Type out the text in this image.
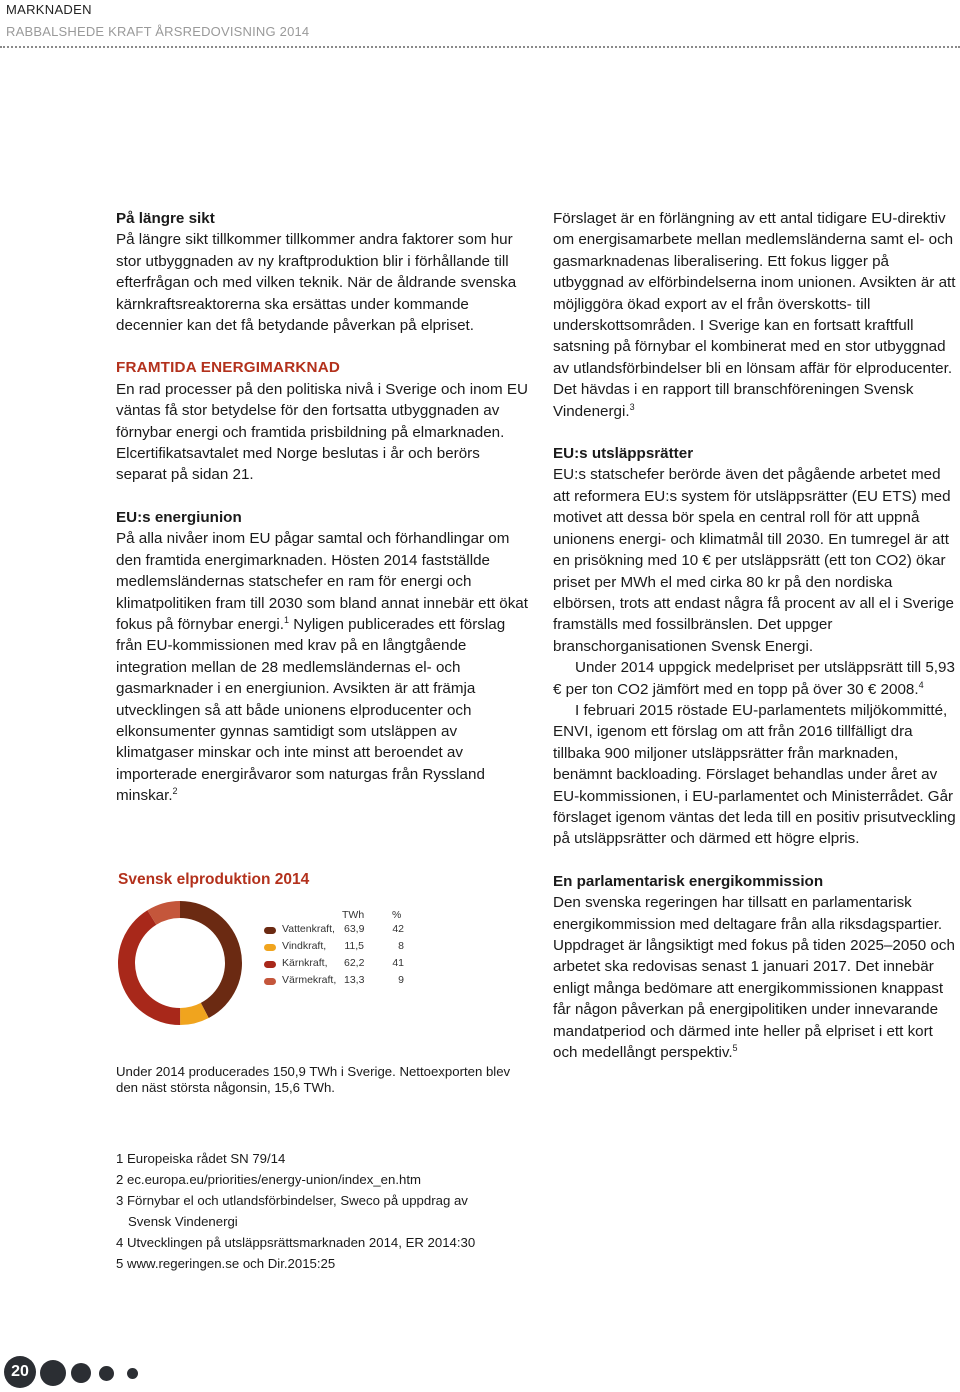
MARKNADEN
RABBALSHEDE KRAFT ÅRSREDOVISNING 2014

På längre sikt

På längre sikt tillkommer tillkommer andra faktorer som hur stor utbyggnaden av ny kraftproduktion blir i förhållande till efterfrågan och med vilken teknik. När de åldrande svenska kärnkraftsreaktorerna ska ersättas under kommande decennier kan det få betydande påverkan på elpriset.

FRAMTIDA ENERGIMARKNAD

En rad processer på den politiska nivå i Sverige och inom EU väntas få stor betydelse för den fortsatta utbyggnaden av förnybar energi och framtida prisbildning på elmarknaden. Elcertifikatsavtalet med Norge beslutas i år och berörs separat på sidan 21.

EU:s energiunion

På alla nivåer inom EU pågar samtal och förhandlingar om den framtida energimarknaden. Hösten 2014 fastställde medlemsländernas statschefer en ram för energi och klimatpolitiken fram till 2030 som bland annat innebär ett ökat fokus på förnybar energi.$^1$ Nyligen publicerades ett förslag från EU-kommissionen med krav på en långtgående integration mellan de 28 medlemsländernas el- och gasmarknader i en energiunion. Avsikten är att främja utvecklingen så att både unionens elproducenter och elkonsumenter gynnas samtidigt som utsläppen av klimatgaser minskar och inte minst att beroendet av importerade energiråvaror som naturgas från Ryssland minskar.$^2$

Svensk elproduktion 2014
TWh	%
Vattenkraft, 63,9	42
Vindkraft, 11,5	8
Kärnkraft, 62,2	41
Värmekraft, 13,3	9
Under 2014 producerades 150,9 TWh i Sverige. Nettoexporten blev den näst största någonsin, 15,6 TWh.

Förslaget är en förlängning av ett antal tidigare EU-direktiv om energisamarbete mellan medlemsländerna samt el- och gasmarknadenas liberalisering. Ett fokus ligger på utbyggnad av elförbindelserna inom unionen. Avsikten är att möjliggöra ökad export av el från överskotts- till underskottsområden. I Sverige kan en fortsatt kraftfull satsning på förnybar el kombinerat med en stor utbyggnad av utlandsförbindelser bli en lönsam affär för elproducenter. Det hävdas i en rapport till branschföreningen Svensk Vindenergi.$^3$

EU:s utsläppsrätter

EU:s statschefer berörde även det pågående arbetet med att reformera EU:s system för utsläppsrätter (EU ETS) med motivet att dessa bör spela en central roll för att uppnå unionens energi- och klimatmål till 2030. En tumregel är att en prisökning med 10 € per utsläppsrätt (ett ton CO2) ökar priset per MWh el med cirka 80 kr på den nordiska elbörsen, trots att endast några få procent av all el i Sverige framställs med fossilbränslen. Det uppger branschorganisationen Svensk Energi.

Under 2014 uppgick medelpriset per utsläppsrätt till 5,93 € per ton CO2 jämfört med en topp på över 30 € 2008.$^4$

I februari 2015 röstade EU-parlamentets miljökommitté, ENVI, igenom ett förslag om att från 2016 tillfälligt dra tillbaka 900 miljoner utsläppsrätter från marknaden, benämnt backloading. Förslaget behandlas under året av EU-kommissionen, i EU-parlamentet och Ministerrådet. Går förslaget igenom väntas det leda till en positiv prisutveckling på utsläppsrätter och därmed ett högre elpris.

En parlamentarisk energikommission

Den svenska regeringen har tillsatt en parlamentarisk energikommission med deltagare från alla riksdagspartier. Uppdraget är långsiktigt med fokus på tiden 2025–2050 och arbetet ska redovisas senast 1 januari 2017. Det innebär enligt många bedömare att energikommissionen knappast får någon påverkan på energipolitiken under innevarande mandatperiod och därmed inte heller på elpriset i ett kort och medellångt perspektiv.$^5$

1 Europeiska rådet SN 79/14
2 ec.europa.eu/priorities/energy-union/index_en.htm
3 Förnybar el och utlandsförbindelser, Sweco på uppdrag av
Svensk Vindenergi
4 Utvecklingen på utsläppsrättsmarknaden 2014, ER 2014:30
5 www.regeringen.se och Dir.2015:25
20
